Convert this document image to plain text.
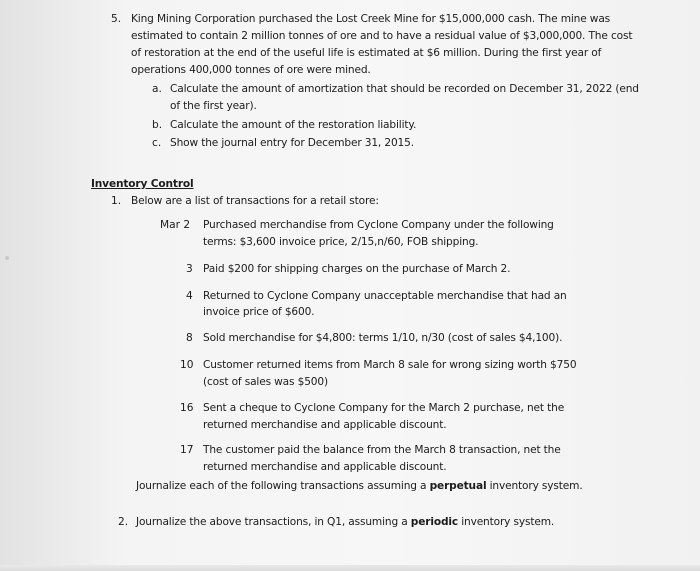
5. King Mining Corporation purchased the Lost Creek Mine for $15,000,000 cash. The mine was
estimated to contain 2 million tonnes of ore and to have a residual value of $3,000,000. The cost
of restoration at the end of the useful life is estimated at $6 million. During the first year of
operations 400,000 tonnes of ore were mined.
a. Calculate the amount of amortization that should be recorded on December 31, 2022 (end
of the first year).
b. Calculate the amount of the restoration liability.
c. Show the journal entry for December 31, 2015.
Inventory Control
1. Below are a list of transactions for a retail store:
Mar 2 Purchased merchandise from Cyclone Company under the following
terms: $3,600 invoice price, 2/15,n/60, FOB shipping.
3 Paid $200 for shipping charges on the purchase of March 2.
4 Returned to Cyclone Company unacceptable merchandise that had an
invoice price of $600.
8 Sold merchandise for $4,800: terms 1/10, n/30 (cost of sales $4,100).
10 Customer returned items from March 8 sale for wrong sizing worth $750
(cost of sales was $500)
16 Sent a cheque to Cyclone Company for the March 2 purchase, net the
returned merchandise and applicable discount.
17 The customer paid the balance from the March 8 transaction, net the
returned merchandise and applicable discount.
Journalize each of the following transactions assuming a perpetual inventory system.
2. Journalize the above transactions, in Q1, assuming a periodic inventory system.
